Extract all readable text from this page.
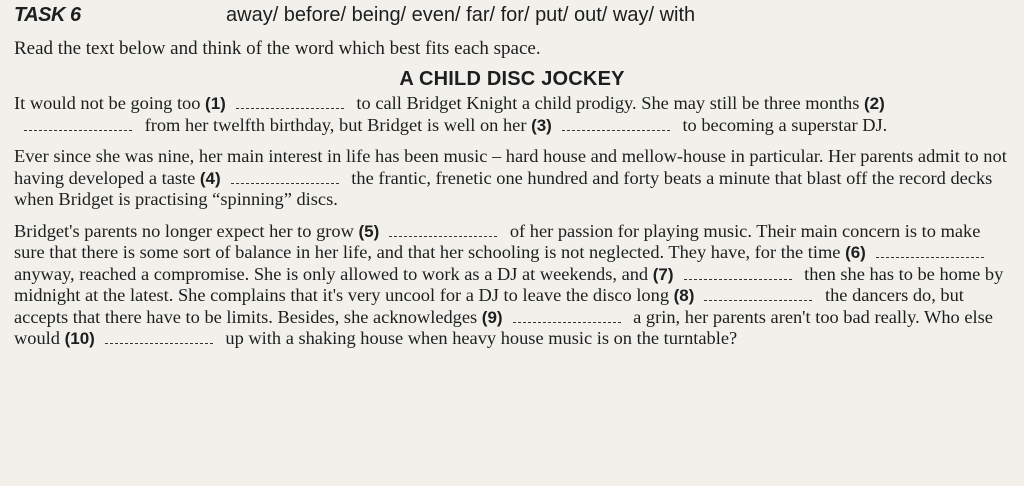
TASK 6	away/ before/ being/ even/ far/ for/ put/ out/ way/ with
Read the text below and think of the word which best fits each space.
A CHILD DISC JOCKEY

It would not be going too (1)	to call Bridget Knight a child prodigy. She may still be three months (2) from her twelfth birthday, but Bridget is well on her (3)	to becoming a superstar DJ.

Ever since she was nine, her main interest in life has been music – hard house and mellow-house in particular. Her parents admit to not having developed a taste (4)	the frantic, frenetic one hundred and forty beats a minute that blast off the record decks when Bridget is practising “spinning” discs.

Bridget's parents no longer expect her to grow (5)	of her passion for playing music. Their main concern is to make sure that there is some sort of balance in her life, and that her schooling is not neglected. They have, for the time (6) anyway, reached a compromise. She is only allowed to work as a DJ at weekends, and (7)	then she has to be home by midnight at the latest. She complains that it's very uncool for a DJ to leave the disco long (8)	the dancers do, but accepts that there have to be limits. Besides, she acknowledges (9)	a grin, her parents aren't too bad really. Who else would (10)	up with a shaking house when heavy house music is on the turntable?
